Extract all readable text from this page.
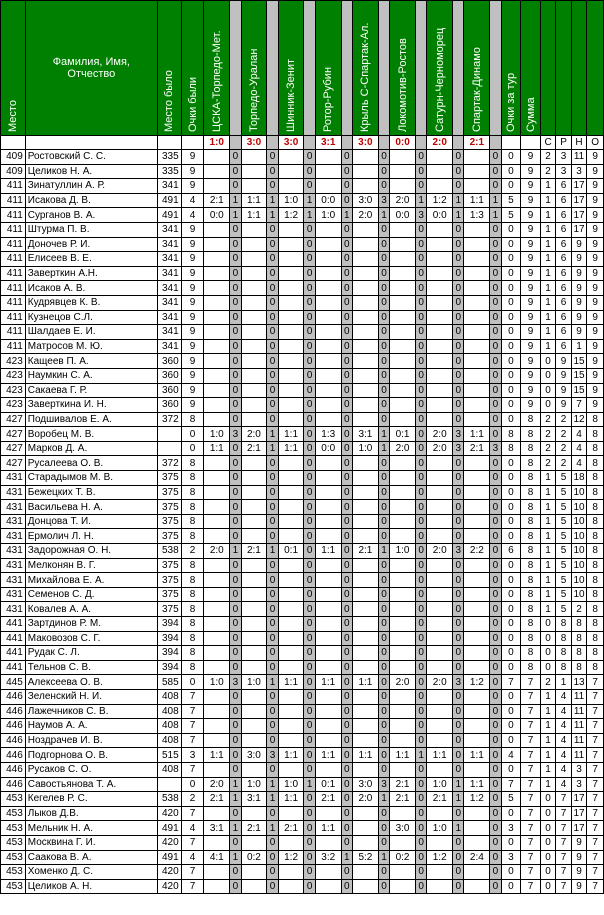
Место	Фамилия, Имя, Отчество	Место было	Очки были	ЦСКА-Торпедо-Мет.		Торпедо-Уралан		Шинник-Зенит		Ротор-Рубин		Крыль С-Спартак-Ал.		Локомотив-Ростов		Сатурн-Черноморец		Спартак-Динамо		Очки за тур	Сумма				

				1:0		3:0		3:0		3:1		3:0		0:0		2:0		2:1				С	Р	Н	О
409	Ростовский С. С.	335	9		0		0		0		0		0		0		0		0	0	9	2	3	11	9
409	Целиков Н. А.	335	9		0		0		0		0		0		0		0		0	0	9	2	3	3	9
411	Зинатуллин А. Р.	341	9		0		0		0		0		0		0		0		0	0	9	1	6	17	9
411	Исакова Д. В.	491	4	2:1	1	1:1	1	1:0	1	0:0	0	3:0	3	2:0	1	1:2	1	1:1	1	5	9	1	6	17	9
411	Сурганов В. А.	491	4	0:0	1	1:1	1	1:2	1	1:0	1	2:0	1	0:0	3	0:0	1	1:3	1	5	9	1	6	17	9
411	Штурма П. В.	341	9		0		0		0		0		0		0		0		0	0	9	1	6	17	9
411	Доночев Р. И.	341	9		0		0		0		0		0		0		0		0	0	9	1	6	9	9
411	Елисеев В. Е.	341	9		0		0		0		0		0		0		0		0	0	9	1	6	9	9
411	Заверткин А.Н.	341	9		0		0		0		0		0		0		0		0	0	9	1	6	9	9
411	Исаков А. В.	341	9		0		0		0		0		0		0		0		0	0	9	1	6	9	9
411	Кудрявцев К. В.	341	9		0		0		0		0		0		0		0		0	0	9	1	6	9	9
411	Кузнецов С.Л.	341	9		0		0		0		0		0		0		0		0	0	9	1	6	9	9
411	Шалдаев Е. И.	341	9		0		0		0		0		0		0		0		0	0	9	1	6	9	9
411	Матросов М. Ю.	341	9		0		0		0		0		0		0		0		0	0	9	1	6	1	9
423	Кащеев П. А.	360	9		0		0		0		0		0		0		0		0	0	9	0	9	15	9
423	Наумкин С. А.	360	9		0		0		0		0		0		0		0		0	0	9	0	9	15	9
423	Сакаева Г. Р.	360	9		0		0		0		0		0		0		0		0	0	9	0	9	15	9
423	Заверткина И. Н.	360	9		0		0		0		0		0		0		0		0	0	9	0	9	7	9
427	Подшивалов Е. А.	372	8		0		0		0		0		0		0		0		0	0	8	2	2	12	8
427	Воробец М. В.		0	1:0	3	2:0	1	1:1	0	1:3	0	3:1	1	0:1	0	2:0	3	1:1	0	8	8	2	2	4	8
427	Марков Д. А.		0	1:1	0	2:1	1	1:1	0	0:0	0	1:0	1	2:0	0	2:0	3	2:1	3	8	8	2	2	4	8
427	Русалеева О. В.	372	8		0		0		0		0		0		0		0		0	0	8	2	2	4	8
431	Старадымов М. В.	375	8		0		0		0		0		0		0		0		0	0	8	1	5	18	8
431	Бежецких Т. В.	375	8		0		0		0		0		0		0		0		0	0	8	1	5	10	8
431	Васильева Н. А.	375	8		0		0		0		0		0		0		0		0	0	8	1	5	10	8
431	Донцова Т. И.	375	8		0		0		0		0		0		0		0		0	0	8	1	5	10	8
431	Ермолич Л. Н.	375	8		0		0		0		0		0		0		0		0	0	8	1	5	10	8
431	Задорожная О. Н.	538	2	2:0	1	2:1	1	0:1	0	1:1	0	2:1	1	1:0	0	2:0	3	2:2	0	6	8	1	5	10	8
431	Мелконян В. Г.	375	8		0		0		0		0		0		0		0		0	0	8	1	5	10	8
431	Михайлова Е. А.	375	8		0		0		0		0		0		0		0		0	0	8	1	5	10	8
431	Семенов С. Д.	375	8		0		0		0		0		0		0		0		0	0	8	1	5	10	8
431	Ковалев А. А.	375	8		0		0		0		0		0		0		0		0	0	8	1	5	2	8
441	Зартдинов Р. М.	394	8		0		0		0		0		0		0		0		0	0	8	0	8	8	8
441	Маковозов С. Г.	394	8		0		0		0		0		0		0		0		0	0	8	0	8	8	8
441	Рудак С. Л.	394	8		0		0		0		0		0		0		0		0	0	8	0	8	8	8
441	Тельнов С. В.	394	8		0		0		0		0		0		0		0		0	0	8	0	8	8	8
445	Алексеева О. В.	585	0	1:0	3	1:0	1	1:1	0	1:1	0	1:1	0	2:0	0	2:0	3	1:2	0	7	7	2	1	13	7
446	Зеленский Н. И.	408	7		0		0		0		0		0		0		0		0	0	7	1	4	11	7
446	Лажечников С. В.	408	7		0		0		0		0		0		0		0		0	0	7	1	4	11	7
446	Наумов А. А.	408	7		0		0		0		0		0		0		0		0	0	7	1	4	11	7
446	Ноздрачев И. В.	408	7		0		0		0		0		0		0		0		0	0	7	1	4	11	7
446	Подгорнова О. В.	515	3	1:1	0	3:0	3	1:1	0	1:1	0	1:1	0	1:1	1	1:1	0	1:1	0	4	7	1	4	11	7
446	Русаков С. О.	408	7		0		0		0		0		0		0		0		0	0	7	1	4	3	7
446	Савостьянова Т. А.		0	2:0	1	1:0	1	1:0	1	0:1	0	3:0	3	2:1	0	1:0	1	1:1	0	7	7	1	4	3	7
453	Кегелев Р. С.	538	2	2:1	1	3:1	1	1:1	0	2:1	0	2:0	1	2:1	0	2:1	1	1:2	0	5	7	0	7	17	7
453	Лыков Д.В.	420	7		0		0		0		0		0		0		0		0	0	7	0	7	17	7
453	Мельник Н. А.	491	4	3:1	1	2:1	1	2:1	0	1:1	0		0	3:0	0	1:0	1		0	3	7	0	7	17	7
453	Москвина Г. И.	420	7		0		0		0		0		0		0		0		0	0	7	0	7	9	7
453	Саакова В. А.	491	4	4:1	1	0:2	0	1:2	0	3:2	1	5:2	1	0:2	0	1:2	0	2:4	0	3	7	0	7	9	7
453	Хоменко Д. С.	420	7		0		0		0		0		0		0		0		0	0	7	0	7	9	7
453	Целиков А. Н.	420	7		0		0		0		0		0		0		0		0	0	7	0	7	9	7
